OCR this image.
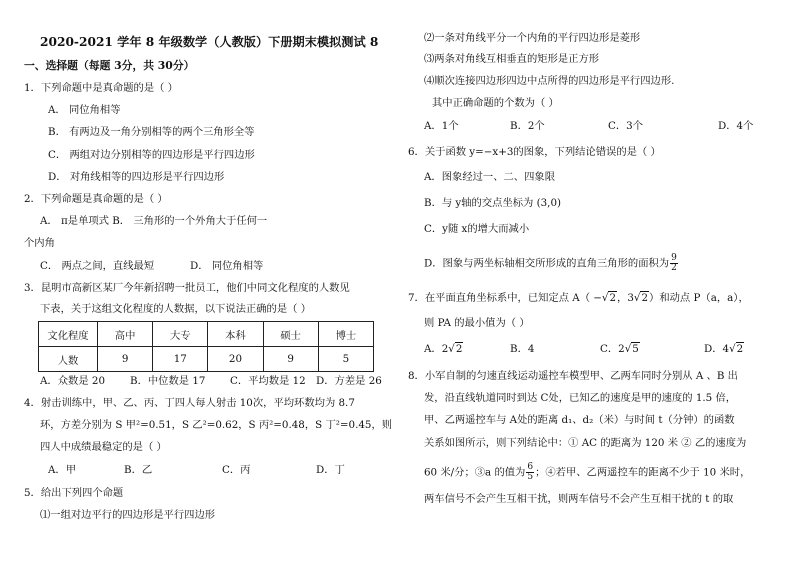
2020-2021 学年 8 年级数学（人教版）下册期末模拟测试 8
一、选择题（每题 3分，共 30分）
1．下列命题中是真命题的是（ ）
A． 同位角相等
B． 有两边及一角分别相等的两个三角形全等
C． 两组对边分别相等的四边形是平行四边形
D． 对角线相等的四边形是平行四边形
2．下列命题是真命题的是（ ）
A． π是单项式 B． 三角形的一个外角大于任何一
个内角
C． 两点之间，直线最短	D． 同位角相等
3．昆明市高新区某厂今年新招聘一批员工，他们中同文化程度的人数见
下表，关于这组文化程度的人数据，以下说法正确的是（ ）
文化程度	高中	大专	本科	硕士	博士
人数	9	17	20	9	5
A．众数是 20 B．中位数是 17 C．平均数是 12 D．方差是 26
4．射击训练中，甲、乙、丙、丁四人每人射击 10次，平均环数均为 8.7
环，方差分别为 S 甲²=0.51，S 乙²=0.62，S 丙²=0.48，S 丁²=0.45，则
四人中成绩最稳定的是（ ）
A．甲	B．乙	C．丙	D．丁
5．给出下列四个命题
⑴一组对边平行的四边形是平行四边形
⑵一条对角线平分一个内角的平行四边形是菱形
⑶两条对角线互相垂直的矩形是正方形
⑷顺次连接四边形四边中点所得的四边形是平行四边形.
其中正确命题的个数为（ ）
A．1个	B．2个	C．3个	D．4个
6．关于函数 y=−x+3的图象，下列结论错误的是（ ）
A．图象经过一、二、四象限
B．与 y轴的交点坐标为 (3,0)
C．y随 x的增大而减小
D．图象与两坐标轴相交所形成的直角三角形的面积为 $\frac{9}{2}$
7．在平面直角坐标系中，已知定点 A（ −√2，3√2）和动点 P（a，a），
则 PA 的最小值为（ ）
A．2√2	B．4	C．2√5	D．4√2
8．小军自制的匀速直线运动遥控车模型甲、乙两车同时分别从 A 、B 出
发，沿直线轨道同时到达 C处，已知乙的速度是甲的速度的 1.5 倍，
甲、乙两遥控车与 A处的距离 d₁、d₂（米）与时间 t（分钟）的函数
关系如图所示，则下列结论中：① AC 的距离为 120 米 ② 乙的速度为
60 米/分；③a 的值为 $\frac{6}{5}$ ；④若甲、乙两遥控车的距离不少于 10 米时，
两车信号不会产生互相干扰，则两车信号不会产生互相干扰的 t 的取
